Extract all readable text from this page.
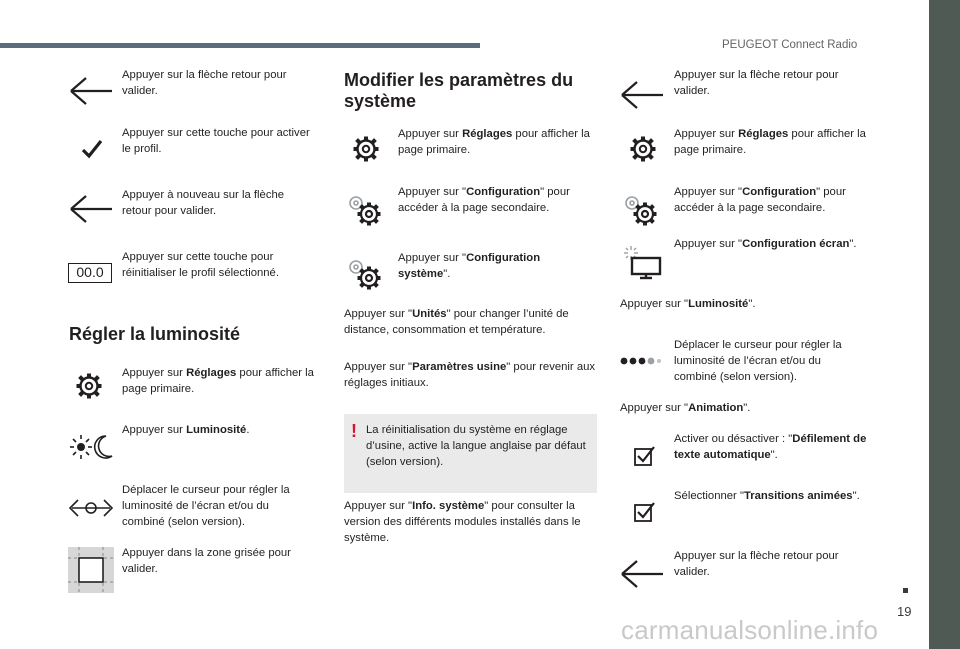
PEUGEOT Connect Radio
19
carmanualsonline.info
Appuyer sur la flèche retour pour valider.
Appuyer sur cette touche pour activer le profil.
Appuyer à nouveau sur la flèche retour pour valider.
00.0
Appuyer sur cette touche pour réinitialiser le profil sélectionné.
Régler la luminosité
Appuyer sur Réglages pour afficher la page primaire.
Appuyer sur Luminosité.
Déplacer le curseur pour régler la luminosité de l’écran et/ou du combiné (selon version).
Appuyer dans la zone grisée pour valider.
Modifier les paramètres du système
Appuyer sur Réglages pour afficher la page primaire.
Appuyer sur "Configuration" pour accéder à la page secondaire.
Appuyer sur "Configuration système".
Appuyer sur "Unités" pour changer l’unité de distance, consommation et température.
Appuyer sur "Paramètres usine" pour revenir aux réglages initiaux.
! La réinitialisation du système en réglage d’usine, active la langue anglaise par défaut (selon version).
Appuyer sur "Info. système" pour consulter la version des différents modules installés dans le système.
Appuyer sur la flèche retour pour valider.
Appuyer sur Réglages pour afficher la page primaire.
Appuyer sur "Configuration" pour accéder à la page secondaire.
Appuyer sur "Configuration écran".
Appuyer sur "Luminosité".
Déplacer le curseur pour régler la luminosité de l’écran et/ou du combiné (selon version).
Appuyer sur "Animation".
Activer ou désactiver : "Défilement de texte automatique".
Sélectionner "Transitions animées".
Appuyer sur la flèche retour pour valider.
